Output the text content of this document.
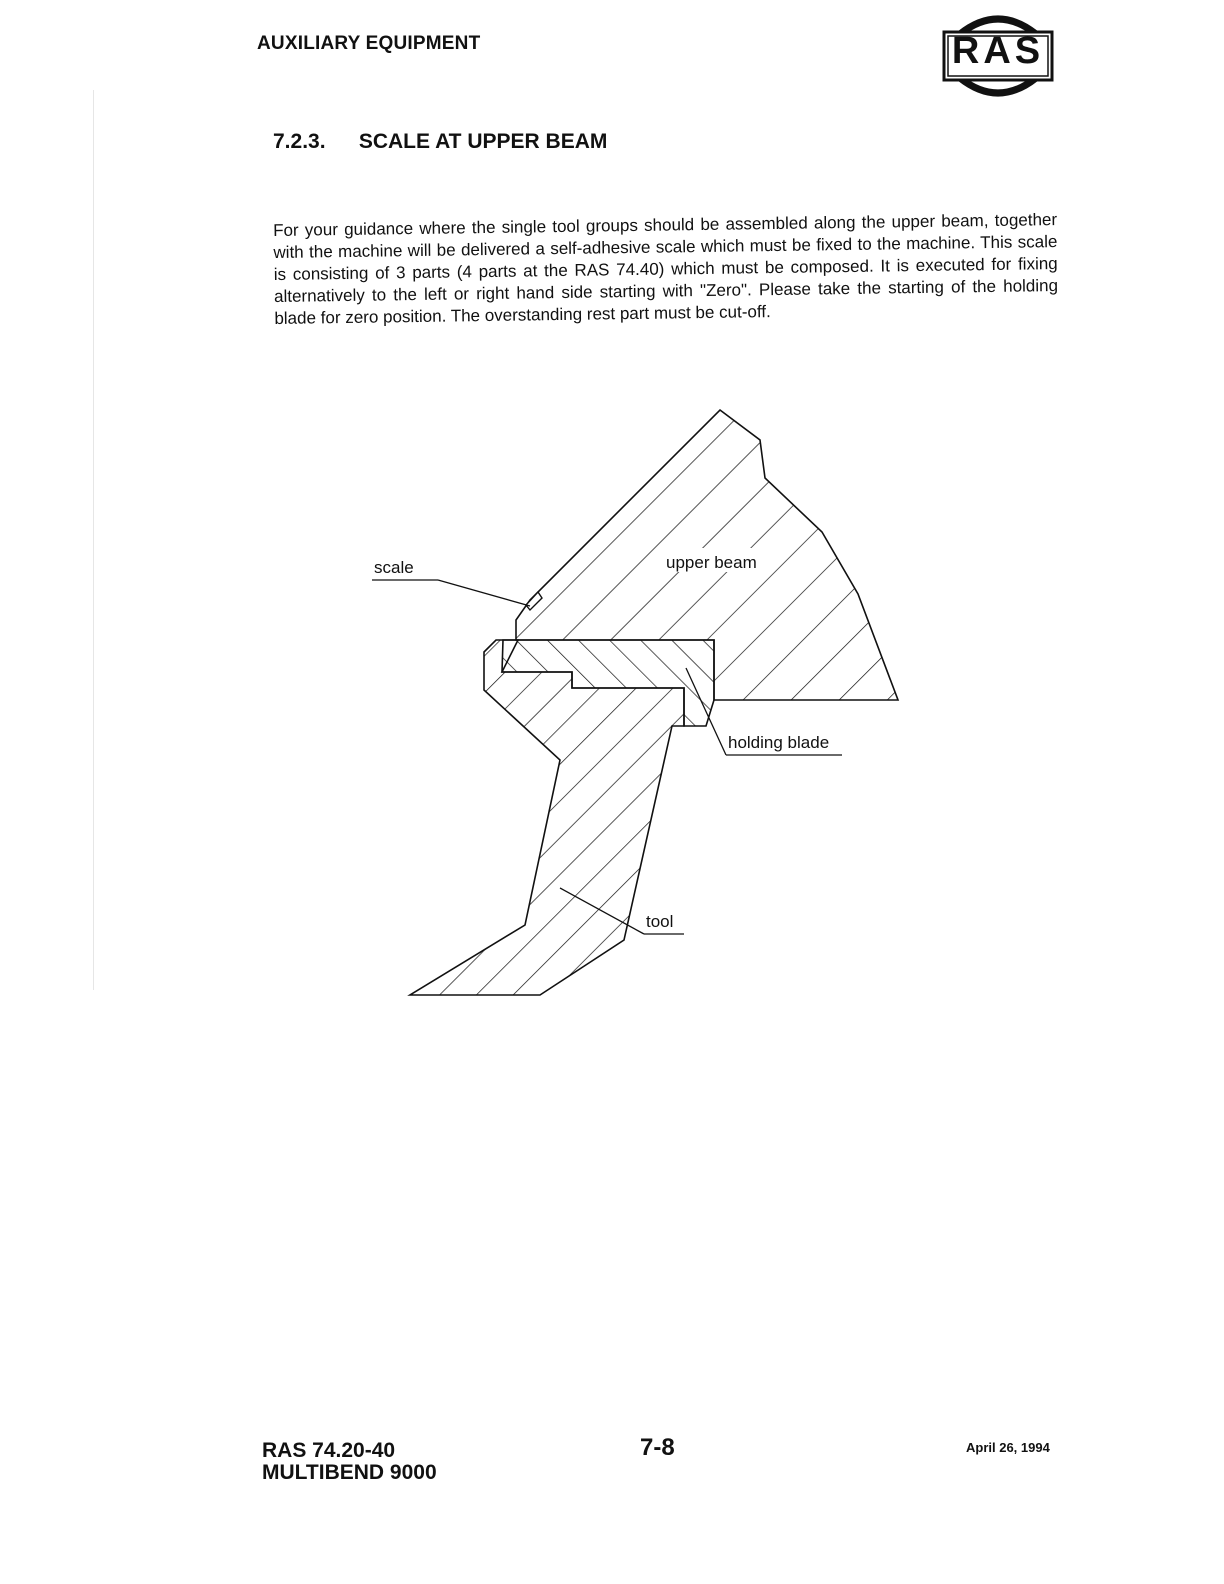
AUXILIARY EQUIPMENT	RAS
7.2.3. SCALE AT UPPER BEAM
For your guidance where the single tool groups should be assembled along the upper beam, together with the machine will be delivered a self-adhesive scale which must be fixed to the machine. This scale is consisting of 3 parts (4 parts at the RAS 74.40) which must be composed. It is executed for fixing alternatively to the left or right hand side starting with "Zero". Please take the starting of the holding blade for zero position. The overstanding rest part must be cut-off.
upper beam
scale
holding blade
tool
RAS 74.20-40
MULTIBEND 9000
7-8	April 26, 1994
